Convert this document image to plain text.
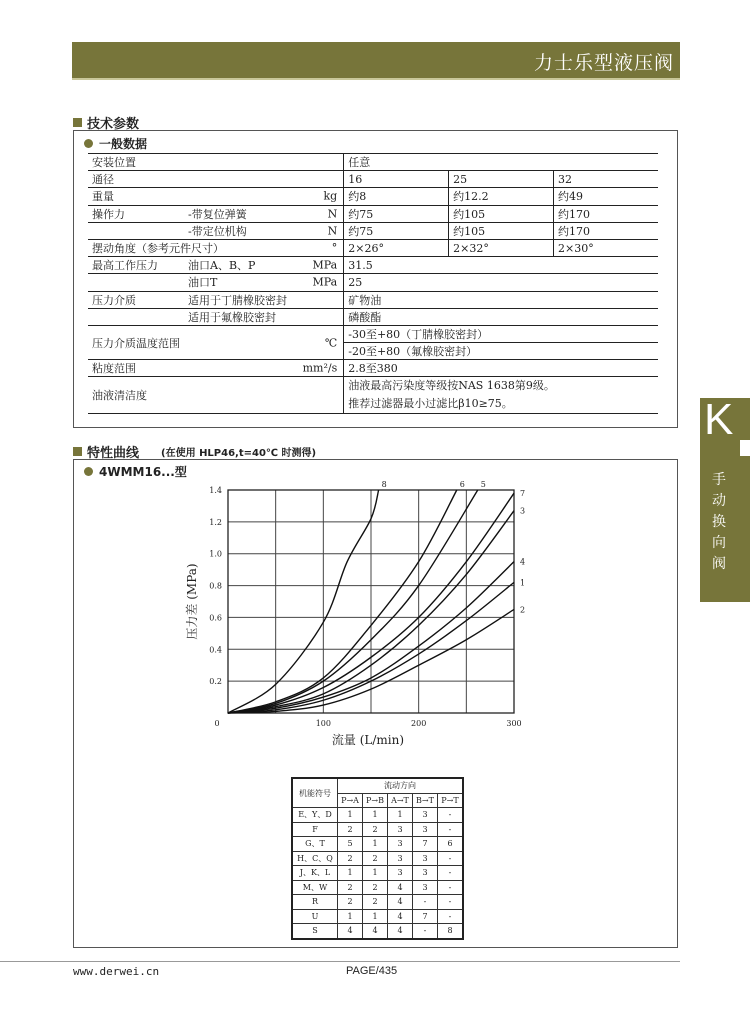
力士乐型液压阀
技术参数
一般数据
安装位置	任意		
通径	16	25	32
重量 kg	约8	约12.2	约49
操作力 -带复位弹簧 N	约75	约105	约170

-带定位机构 N	约75	约105	约170
摆动角度（参考元件尺寸） °	2×26°	2×32°	2×30°
最高工作压力 油口A、B、P MPa	31.5		

油口T MPa	25		
压力介质 适用于丁腈橡胶密封	矿物油		

适用于氟橡胶密封	磷酸酯		
压力介质温度范围 ℃	-30至+80（丁腈橡胶密封）		
	-20至+80（氟橡胶密封）		
粘度范围 mm²/s	2.8至380		
油液清洁度	油液最高污染度等级按NAS 1638第9级。
推荐过滤器最小过滤比β10≥75。		
特性曲线 (在使用 HLP46,t=40℃ 时测得)
4WMM16...型
0.2
0.4
0.6
0.8
1.0
1.2
1.4
0	100	200	300
流量 (L/min)
压力差 (MPa)
8	6 5
7
3
4
1
2
机能符号	流动方向				
	P→A	P→B	A→T	B→T	P→T
E、Y、D	1	1	1	3	-
F	2	2	3	3	-
G、T	5	1	3	7	6
H、C、Q	2	2	3	3	-
J、K、L	1	1	3	3	-
M、W	2	2	4	3	-
R	2	2	4	-	-
U	1	1	4	7	-
S	4	4	4	-	8
K
手
动
换
向
阀
www.derwei.cn	PAGE/435
